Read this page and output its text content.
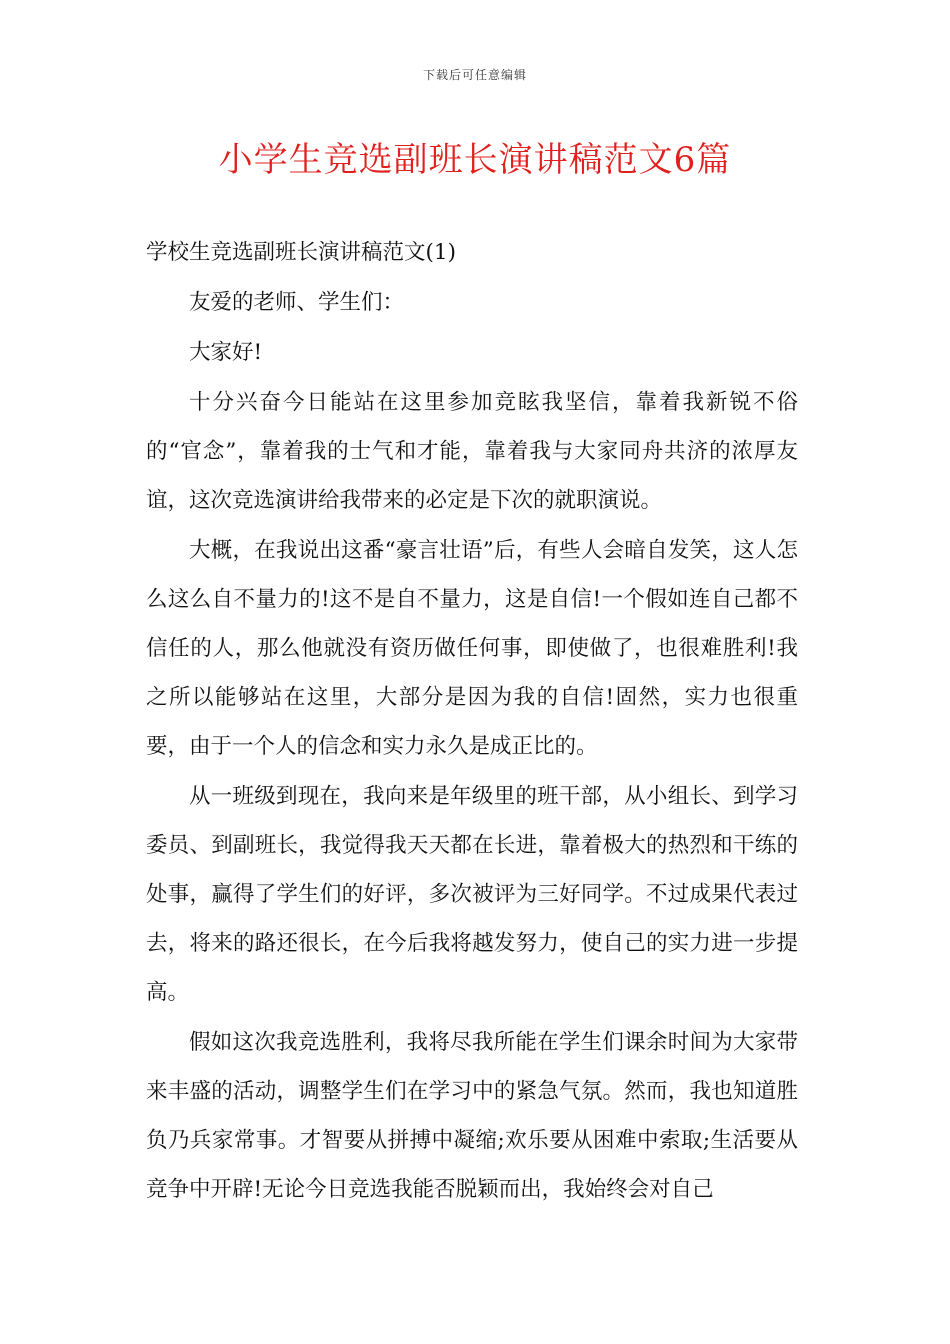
下载后可任意编辑
小学生竞选副班长演讲稿范文6篇

学校生竞选副班长演讲稿范文(1)

友爱的老师、学生们：

大家好!

十分兴奋今日能站在这里参加竞眩我坚信，靠着我新锐不俗的“官念”，靠着我的士气和才能，靠着我与大家同舟共济的浓厚友谊，这次竞选演讲给我带来的必定是下次的就职演说。

大概，在我说出这番“豪言壮语”后，有些人会暗自发笑，这人怎么这么自不量力的!这不是自不量力，这是自信!一个假如连自己都不信任的人，那么他就没有资历做任何事，即使做了，也很难胜利!我之所以能够站在这里，大部分是因为我的自信!固然，实力也很重要，由于一个人的信念和实力永久是成正比的。

从一班级到现在，我向来是年级里的班干部，从小组长、到学习委员、到副班长，我觉得我天天都在长进，靠着极大的热烈和干练的处事，赢得了学生们的好评，多次被评为三好同学。不过成果代表过去，将来的路还很长，在今后我将越发努力，使自己的实力进一步提高。

假如这次我竞选胜利，我将尽我所能在学生们课余时间为大家带来丰盛的活动，调整学生们在学习中的紧急气氛。然而，我也知道胜负乃兵家常事。才智要从拼搏中凝缩;欢乐要从困难中索取;生活要从竞争中开辟!无论今日竞选我能否脱颖而出，我始终会对自己
